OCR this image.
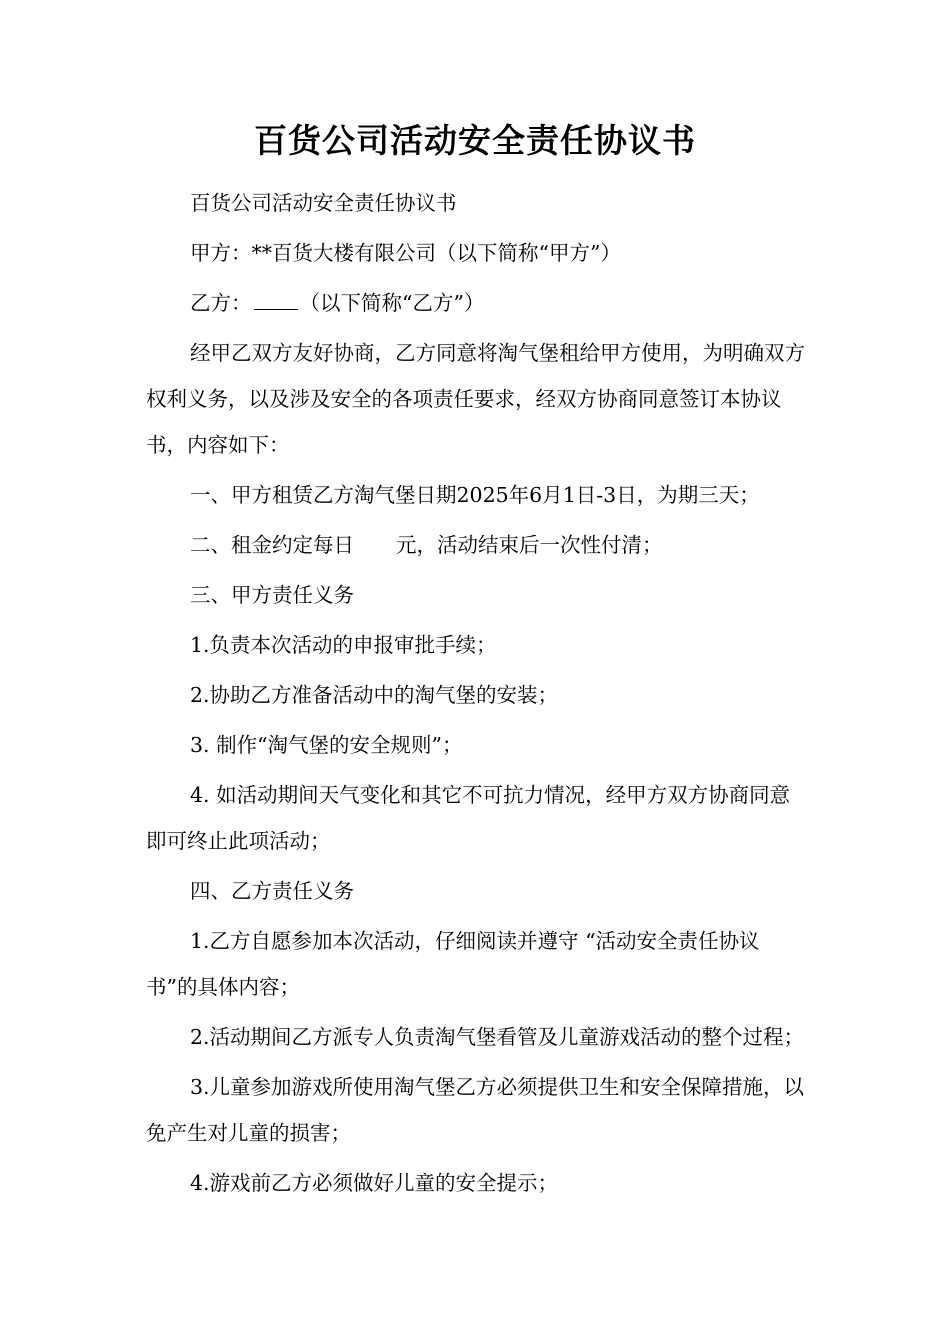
百货公司活动安全责任协议书

百货公司活动安全责任协议书

甲方：**百货大楼有限公司（以下简称“甲方”）

乙方： （以下简称“乙方”）

经甲乙双方友好协商，乙方同意将淘气堡租给甲方使用，为明确双方权利义务，以及涉及安全的各项责任要求，经双方协商同意签订本协议书，内容如下：

一、甲方租赁乙方淘气堡日期2025年6月1日-3日，为期三天；

二、租金约定每日 元，活动结束后一次性付清；

三、甲方责任义务

1.负责本次活动的申报审批手续；

2.协助乙方准备活动中的淘气堡的安装；

3. 制作“淘气堡的安全规则”；

4. 如活动期间天气变化和其它不可抗力情况，经甲方双方协商同意即可终止此项活动；

四、乙方责任义务

1.乙方自愿参加本次活动，仔细阅读并遵守 “活动安全责任协议书”的具体内容；

2.活动期间乙方派专人负责淘气堡看管及儿童游戏活动的整个过程；

3.儿童参加游戏所使用淘气堡乙方必须提供卫生和安全保障措施，以免产生对儿童的损害；

4.游戏前乙方必须做好儿童的安全提示；
